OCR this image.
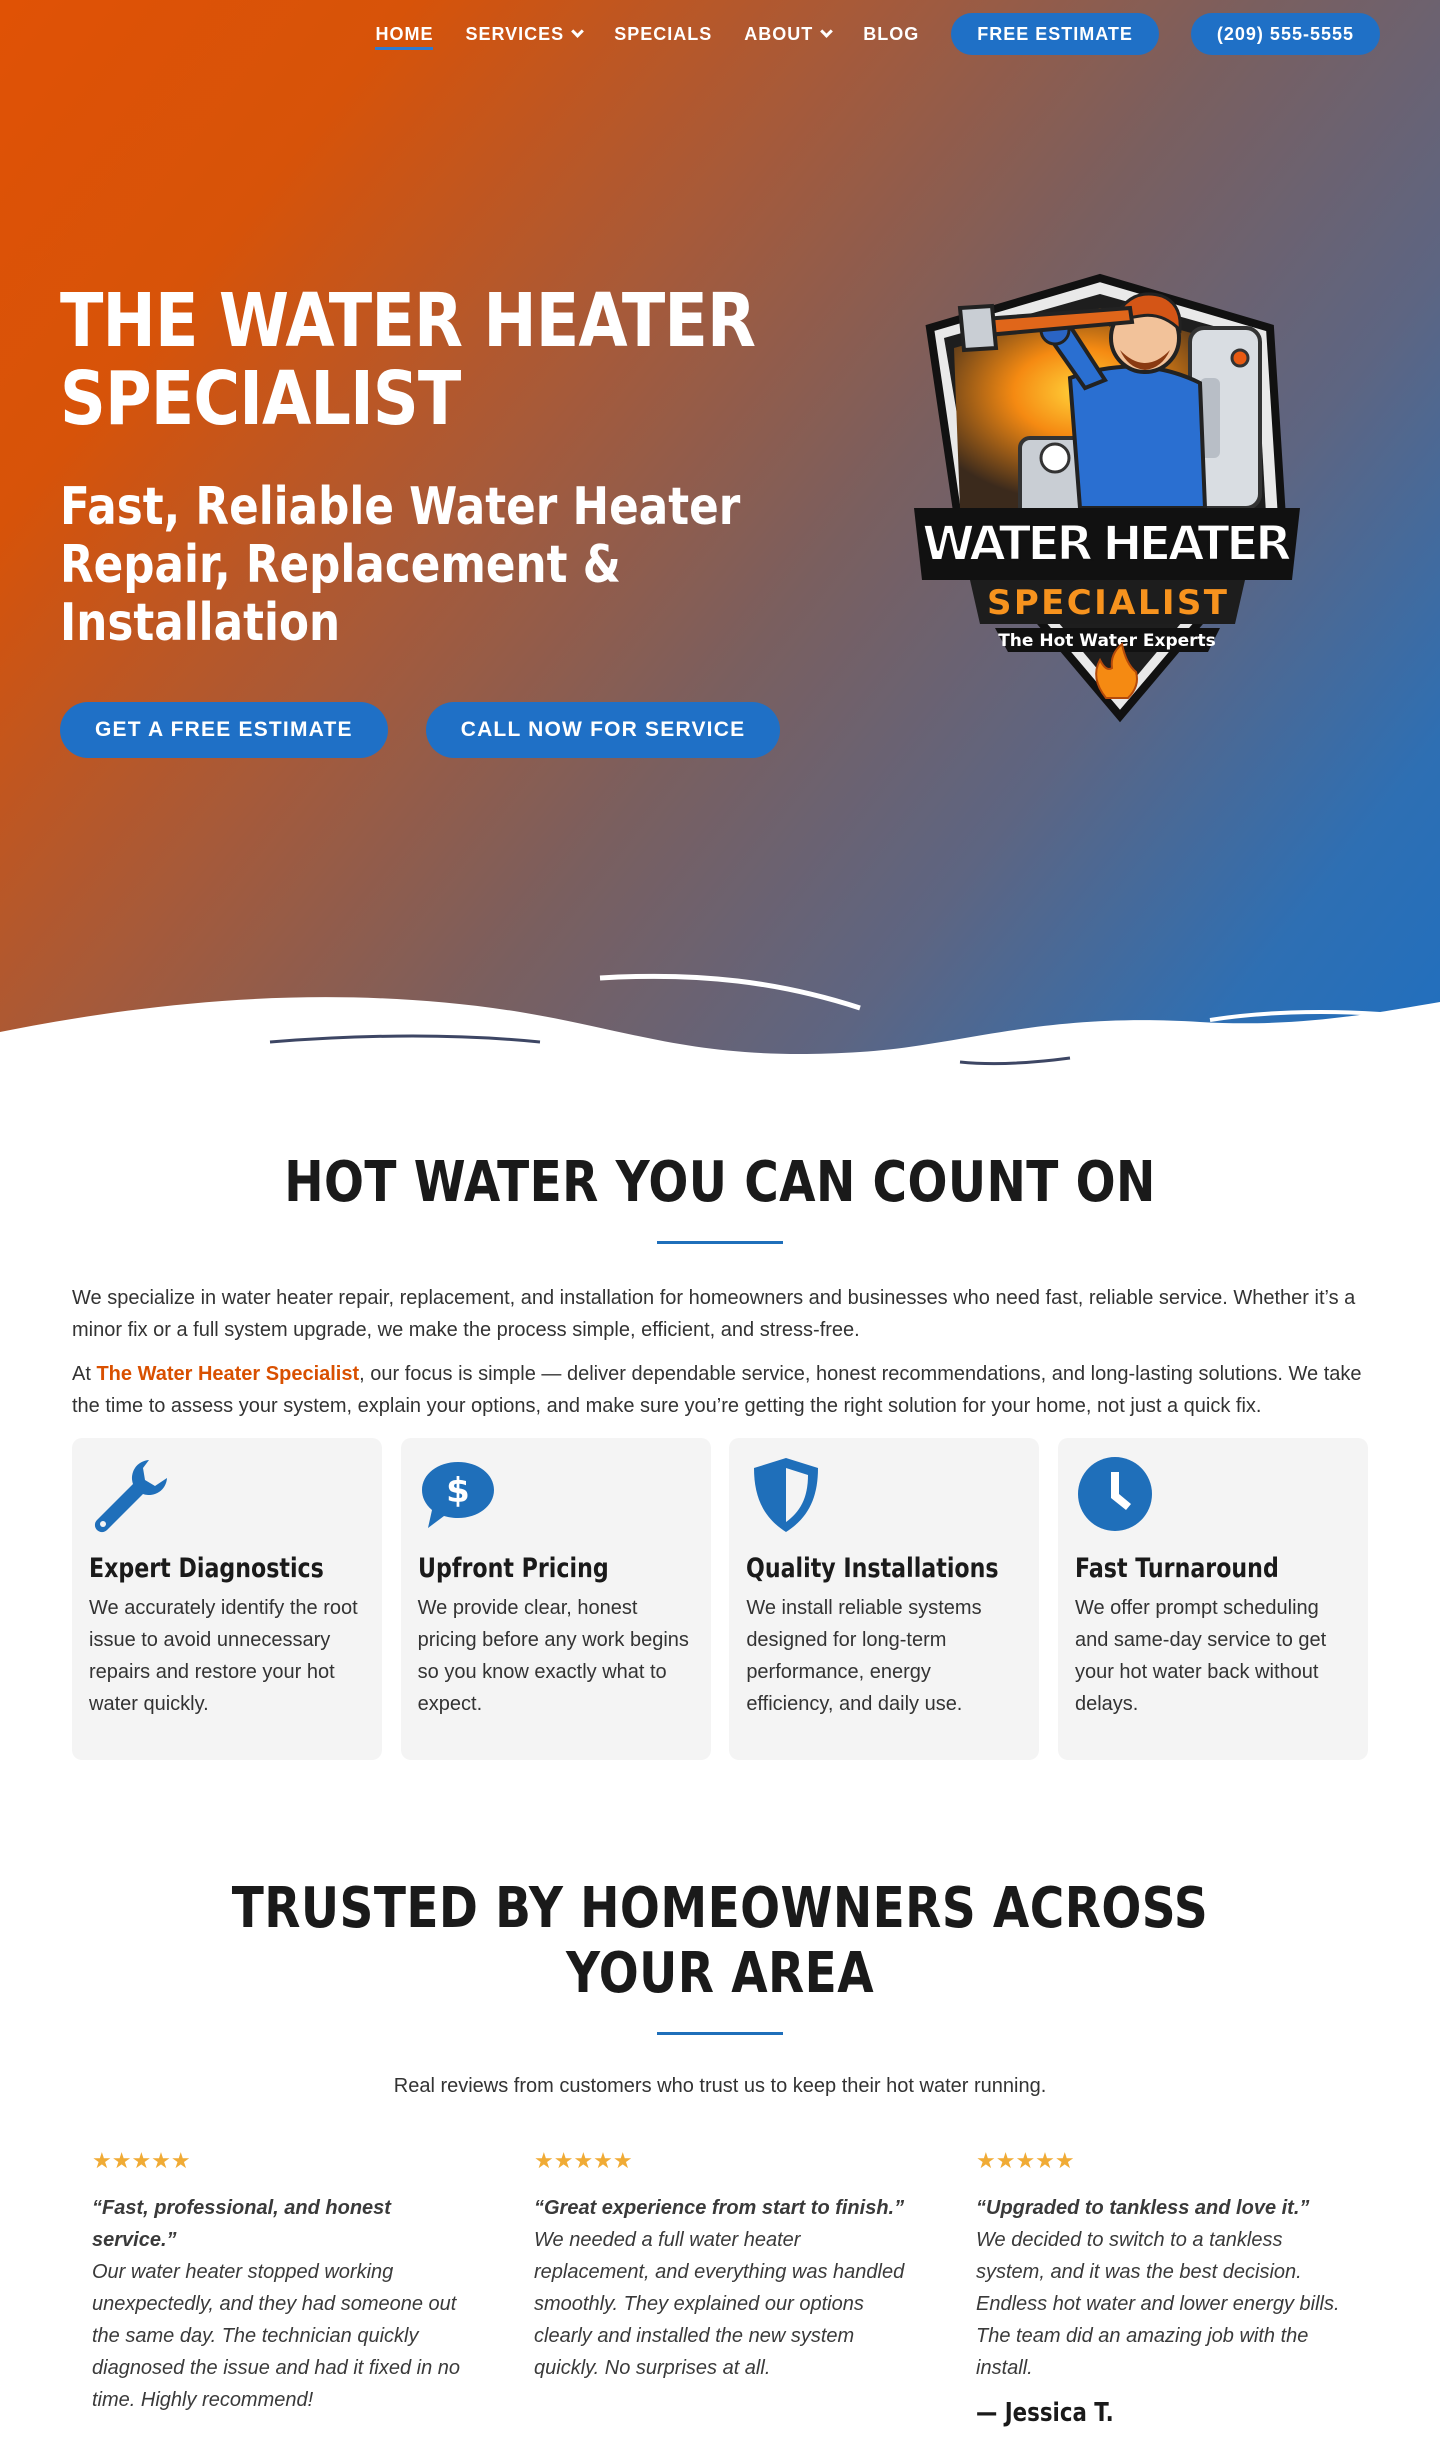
HOME SERVICES	SPECIALS ABOUT	BLOG	FREE ESTIMATE	(209) 555-5555
THE WATER HEATER SPECIALIST
Fast, Reliable Water Heater Repair, Replacement & Installation
GET A FREE ESTIMATE	CALL NOW FOR SERVICE
WATER HEATER
SPECIALIST
The Hot Water Experts
HOT WATER YOU CAN COUNT ON

We specialize in water heater repair, replacement, and installation for homeowners and businesses who need fast, reliable service. Whether it’s a minor fix or a full system upgrade, we make the process simple, efficient, and stress-free.

At The Water Heater Specialist, our focus is simple — deliver dependable service, honest recommendations, and long-lasting solutions. We take the time to assess your system, explain your options, and make sure you’re getting the right solution for your home, not just a quick fix.

Expert Diagnostics
We accurately identify the root issue to avoid unnecessary repairs and restore your hot water quickly.
$
Upfront Pricing
We provide clear, honest pricing before any work begins so you know exactly what to expect.
Quality Installations
We install reliable systems designed for long-term performance, energy efficiency, and daily use.
Fast Turnaround
We offer prompt scheduling and same-day service to get your hot water back without delays.
TRUSTED BY HOMEOWNERS ACROSS YOUR AREA

Real reviews from customers who trust us to keep their hot water running.

★★★★★
“Fast, professional, and honest service.”
Our water heater stopped working unexpectedly, and they had someone out the same day. The technician quickly diagnosed the issue and had it fixed in no time. Highly recommend!
★★★★★
“Great experience from start to finish.”
We needed a full water heater replacement, and everything was handled smoothly. They explained our options clearly and installed the new system quickly. No surprises at all.
★★★★★
“Upgraded to tankless and love it.”
We decided to switch to a tankless system, and it was the best decision. Endless hot water and lower energy bills. The team did an amazing job with the install.
— Jessica T.
